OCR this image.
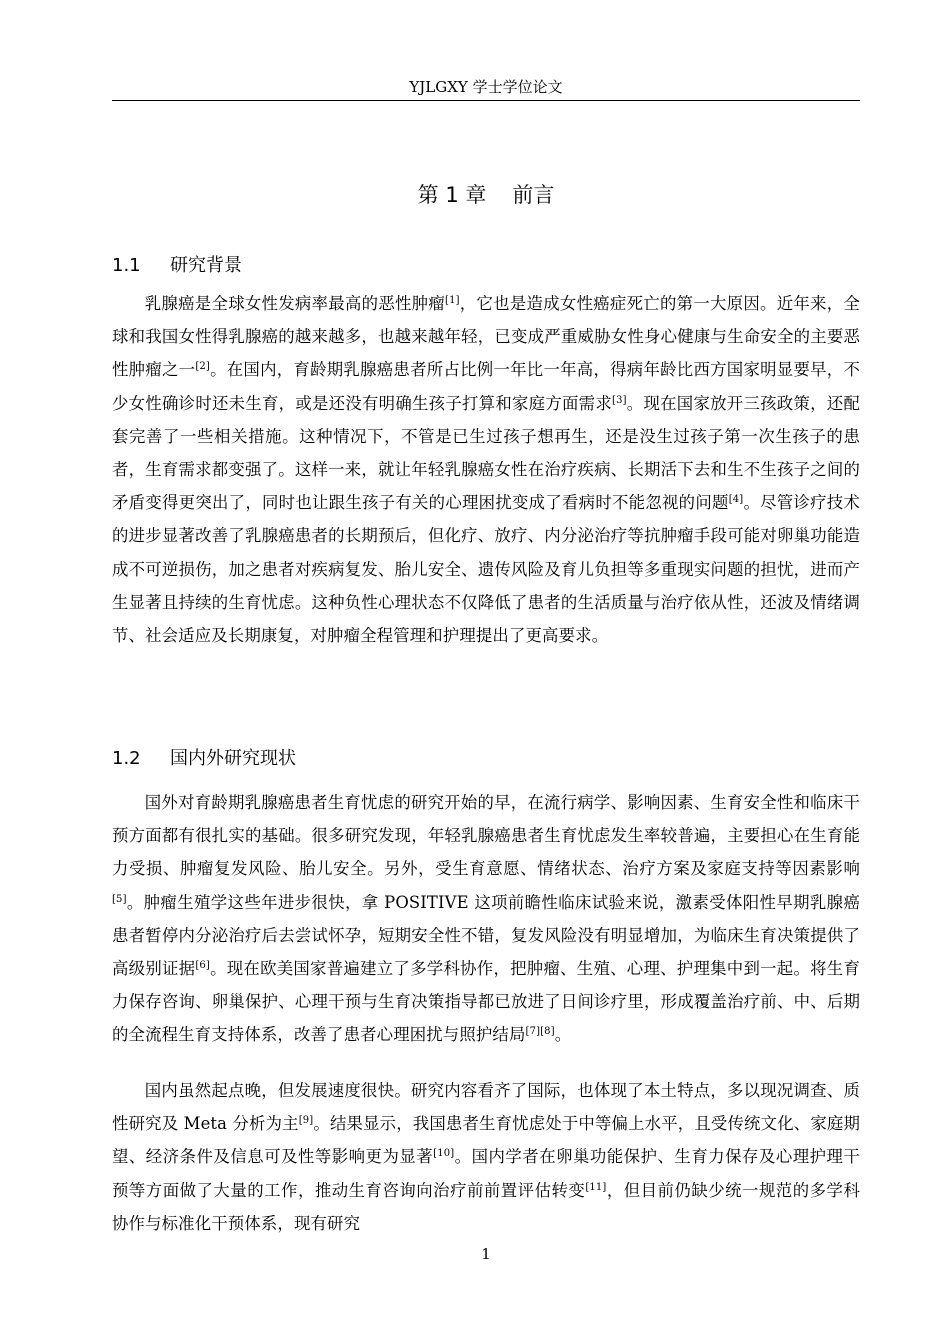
YJLGXY 学士学位论文
第 1 章 前言
1.1 研究背景

乳腺癌是全球女性发病率最高的恶性肿瘤[1]，它也是造成女性癌症死亡的第一大原因。近年来，全球和我国女性得乳腺癌的越来越多，也越来越年轻，已变成严重威胁女性身心健康与生命安全的主要恶性肿瘤之一[2]。在国内，育龄期乳腺癌患者所占比例一年比一年高，得病年龄比西方国家明显要早，不少女性确诊时还未生育，或是还没有明确生孩子打算和家庭方面需求[3]。现在国家放开三孩政策，还配套完善了一些相关措施。这种情况下，不管是已生过孩子想再生，还是没生过孩子第一次生孩子的患者，生育需求都变强了。这样一来，就让年轻乳腺癌女性在治疗疾病、长期活下去和生不生孩子之间的矛盾变得更突出了，同时也让跟生孩子有关的心理困扰变成了看病时不能忽视的问题[4]。尽管诊疗技术的进步显著改善了乳腺癌患者的长期预后，但化疗、放疗、内分泌治疗等抗肿瘤手段可能对卵巢功能造成不可逆损伤，加之患者对疾病复发、胎儿安全、遗传风险及育儿负担等多重现实问题的担忧，进而产生显著且持续的生育忧虑。这种负性心理状态不仅降低了患者的生活质量与治疗依从性，还波及情绪调节、社会适应及长期康复，对肿瘤全程管理和护理提出了更高要求。

1.2 国内外研究现状

国外对育龄期乳腺癌患者生育忧虑的研究开始的早，在流行病学、影响因素、生育安全性和临床干预方面都有很扎实的基础。很多研究发现，年轻乳腺癌患者生育忧虑发生率较普遍，主要担心在生育能力受损、肿瘤复发风险、胎儿安全。另外，受生育意愿、情绪状态、治疗方案及家庭支持等因素影响[5]。肿瘤生殖学这些年进步很快，拿 POSITIVE 这项前瞻性临床试验来说，激素受体阳性早期乳腺癌患者暂停内分泌治疗后去尝试怀孕，短期安全性不错，复发风险没有明显增加，为临床生育决策提供了高级别证据[6]。现在欧美国家普遍建立了多学科协作，把肿瘤、生殖、心理、护理集中到一起。将生育力保存咨询、卵巢保护、心理干预与生育决策指导都已放进了日间诊疗里，形成覆盖治疗前、中、后期的全流程生育支持体系，改善了患者心理困扰与照护结局[7][8]。

国内虽然起点晚，但发展速度很快。研究内容看齐了国际，也体现了本土特点，多以现况调查、质性研究及 Meta 分析为主[9]。结果显示，我国患者生育忧虑处于中等偏上水平，且受传统文化、家庭期望、经济条件及信息可及性等影响更为显著[10]。国内学者在卵巢功能保护、生育力保存及心理护理干预等方面做了大量的工作，推动生育咨询向治疗前前置评估转变[11]，但目前仍缺少统一规范的多学科协作与标准化干预体系，现有研究

1
